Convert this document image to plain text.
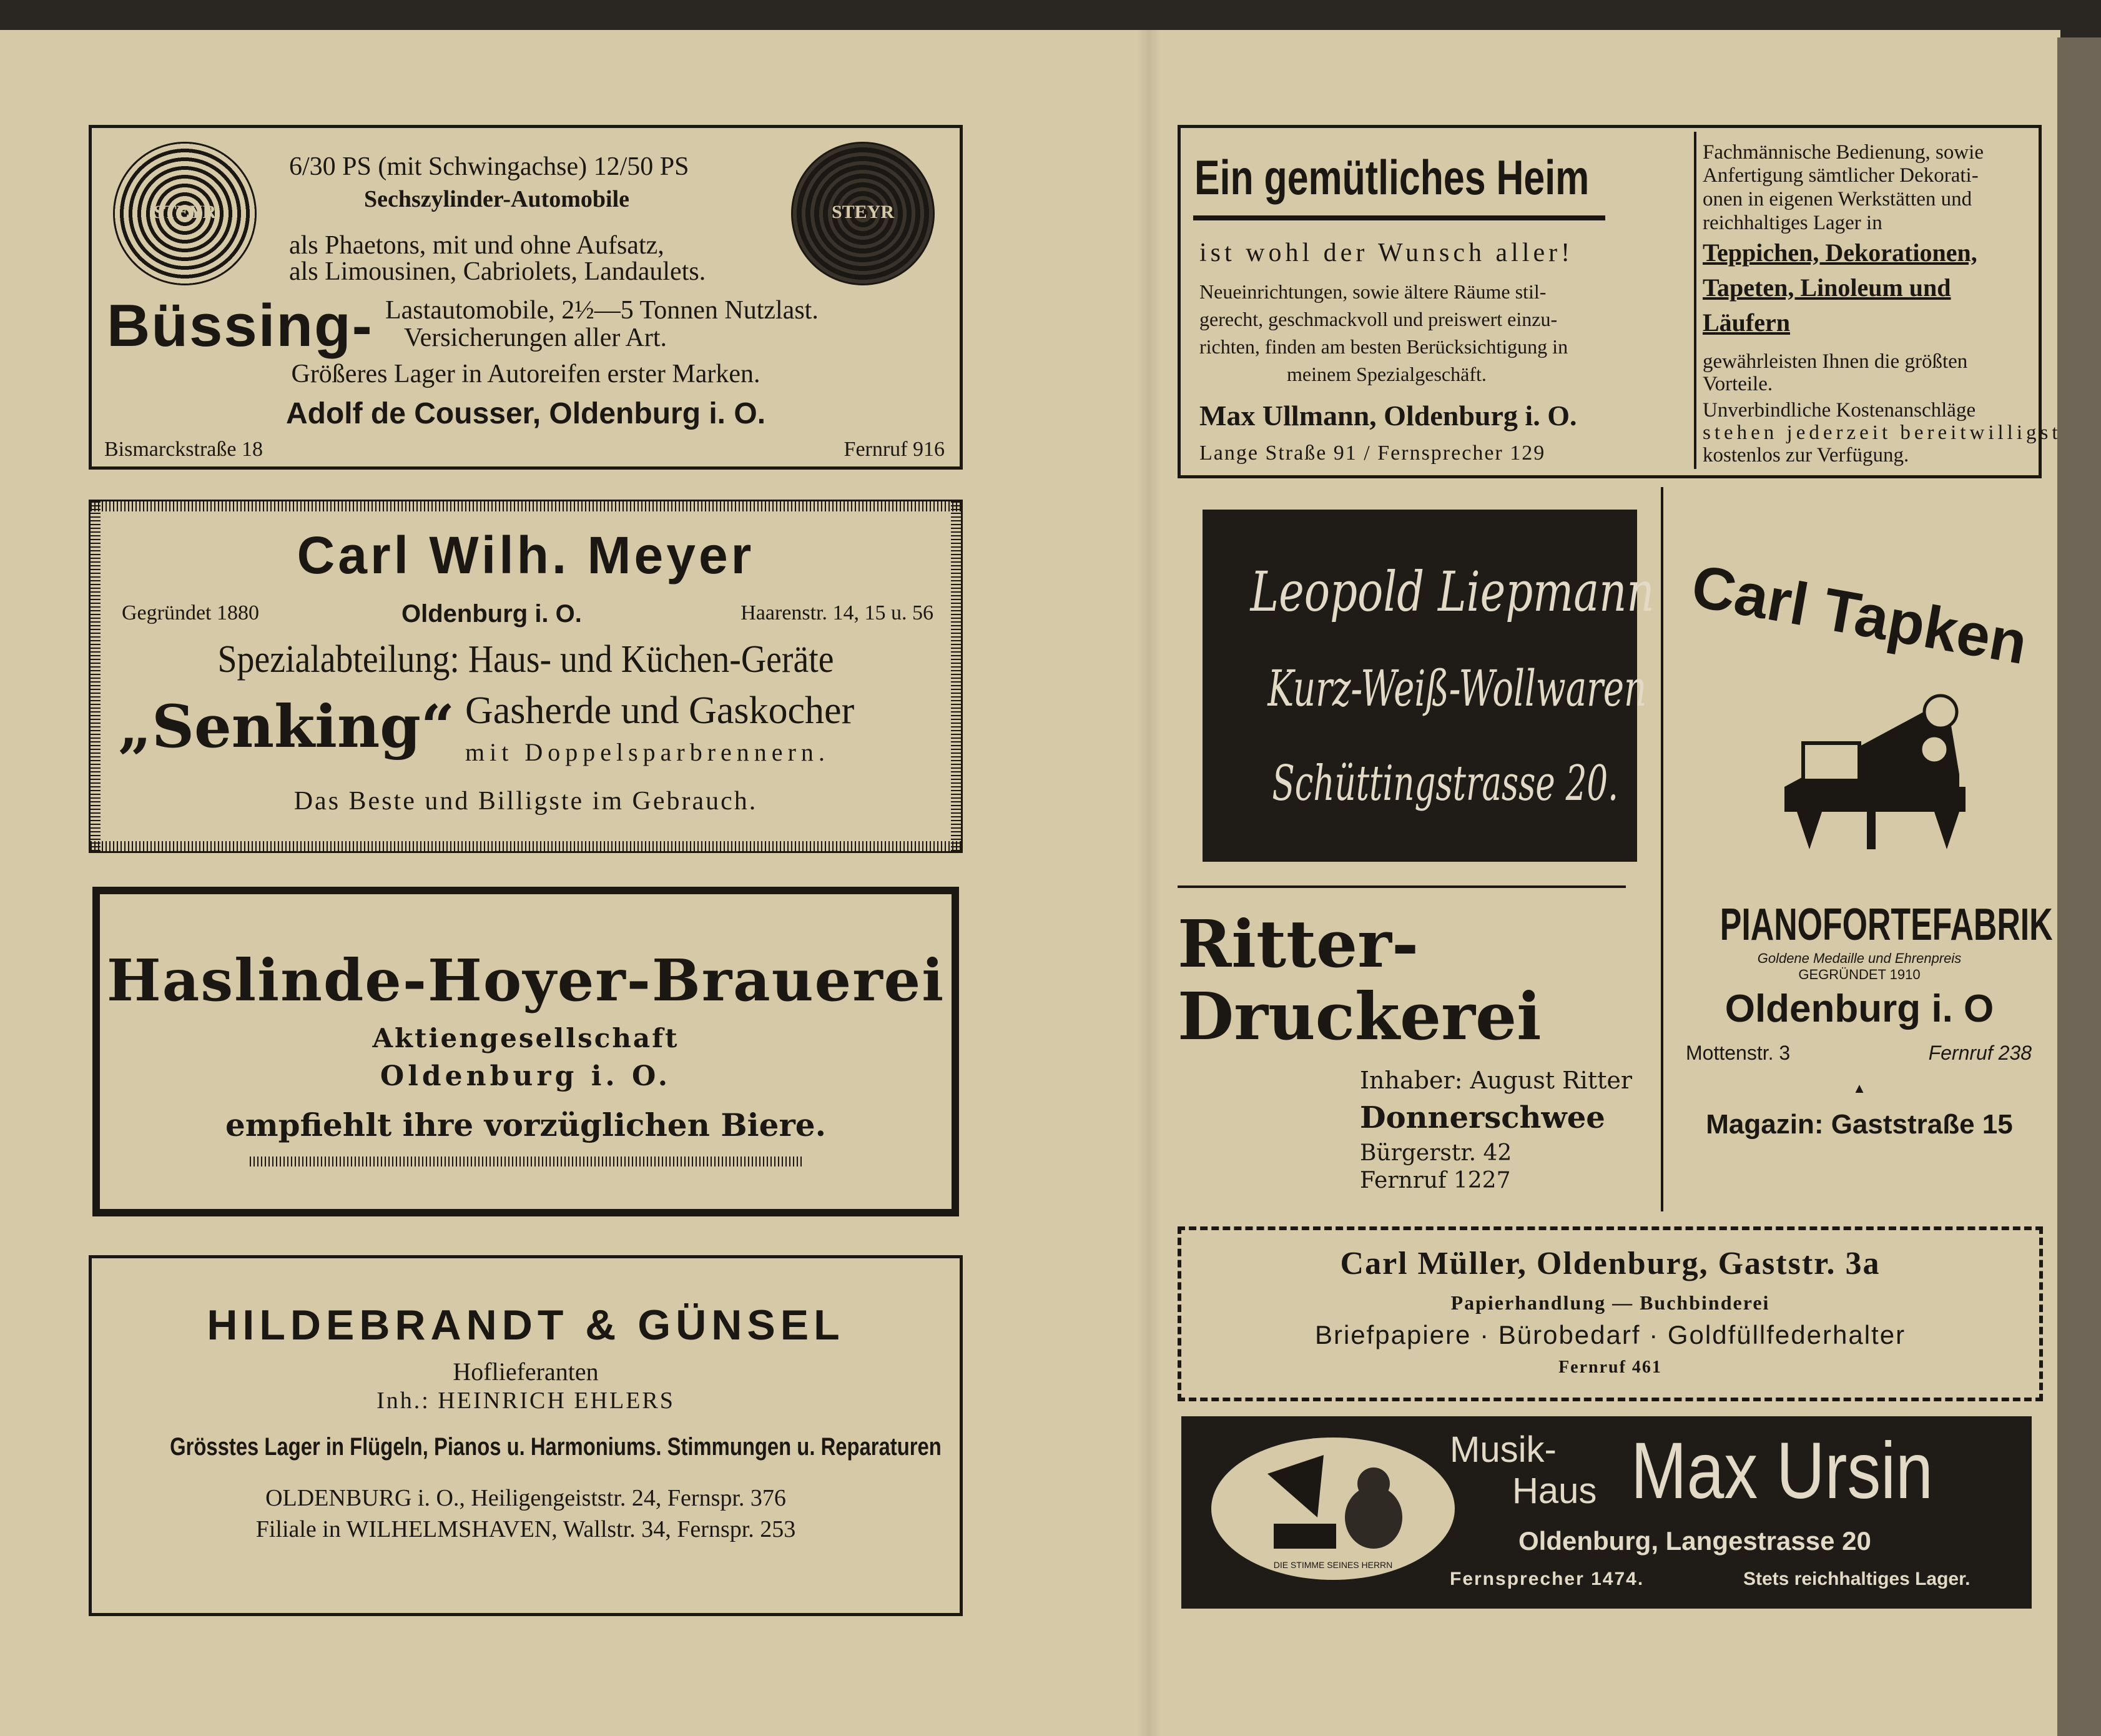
STEYR	STEYR
6/30 PS (mit Schwingachse) 12/50 PS
Sechszylinder-Automobile
als Phaetons, mit und ohne Aufsatz,
als Limousinen, Cabriolets, Landaulets.
Büssing- Lastautomobile, 2½—5 Tonnen Nutzlast.
Versicherungen aller Art.
Größeres Lager in Autoreifen erster Marken.
Adolf de Cousser, Oldenburg i. O.
Bismarckstraße 18	Fernruf 916
Carl Wilh. Meyer
Gegründet 1880	Oldenburg i. O.	Haarenstr. 14, 15 u. 56
Spezialabteilung: Haus- und Küchen-Geräte
„Senking“ Gasherde und Gaskocher
mit Doppelsparbrennern.
Das Beste und Billigste im Gebrauch.
Haslinde-Hoyer-Brauerei
Aktiengesellschaft
Oldenburg i. O.
empfiehlt ihre vorzüglichen Biere.
HILDEBRANDT & GÜNSEL
Hoflieferanten
Inh.: HEINRICH EHLERS
Grösstes Lager in Flügeln, Pianos u. Harmoniums. Stimmungen u. Reparaturen
OLDENBURG i. O., Heiligengeiststr. 24, Fernspr. 376
Filiale in WILHELMSHAVEN, Wallstr. 34, Fernspr. 253
Ein gemütliches Heim
ist wohl der Wunsch aller!
Neueinrichtungen, sowie ältere Räume stil-
gerecht, geschmackvoll und preiswert einzu-
richten, finden am besten Berücksichtigung in
meinem Spezialgeschäft.
Max Ullmann, Oldenburg i. O.
Lange Straße 91 / Fernsprecher 129
Fachmännische Bedienung, sowie
Anfertigung sämtlicher Dekorati-
onen in eigenen Werkstätten und
reichhaltiges Lager in
Teppichen, Dekorationen,
Tapeten, Linoleum und
Läufern
gewährleisten Ihnen die größten
Vorteile.
Unverbindliche Kostenanschläge
stehen jederzeit bereitwilligst
kostenlos zur Verfügung.
Leopold Liepmann
Kurz-Weiß-Wollwaren
Schüttingstrasse 20.
Carl Tapken
PIANOFORTEFABRIK
Goldene Medaille und Ehrenpreis
GEGRÜNDET 1910
Oldenburg i. O
Mottenstr. 3	Fernruf 238
▲
Magazin: Gaststraße 15
Ritter-
Druckerei
Inhaber: August Ritter
Donnerschwee
Bürgerstr. 42
Fernruf 1227
Carl Müller, Oldenburg, Gaststr. 3a
Papierhandlung — Buchbinderei
Briefpapiere · Bürobedarf · Goldfüllfederhalter
Fernruf 461
DIE STIMME SEINES HERRN
Musik-
Haus Max Ursin
Oldenburg, Langestrasse 20
Fernsprecher 1474.	Stets reichhaltiges Lager.
